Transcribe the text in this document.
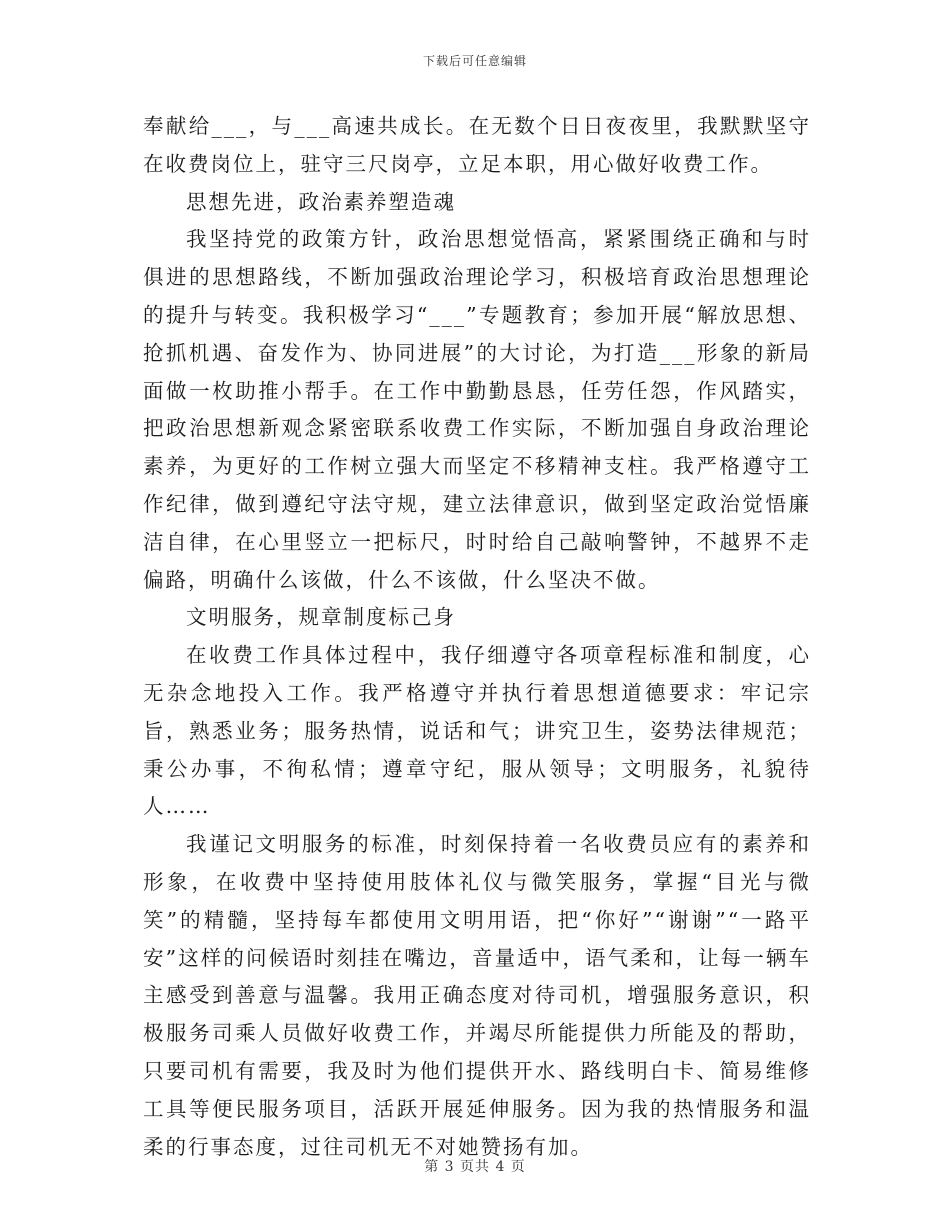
下载后可任意编辑

奉献给___，与___高速共成长。在无数个日日夜夜里，我默默坚守在收费岗位上，驻守三尺岗亭，立足本职，用心做好收费工作。

思想先进，政治素养塑造魂

我坚持党的政策方针，政治思想觉悟高，紧紧围绕正确和与时俱进的思想路线，不断加强政治理论学习，积极培育政治思想理论的提升与转变。我积极学习“___”专题教育；参加开展“解放思想、抢抓机遇、奋发作为、协同进展”的大讨论，为打造___形象的新局面做一枚助推小帮手。在工作中勤勤恳恳，任劳任怨，作风踏实，把政治思想新观念紧密联系收费工作实际，不断加强自身政治理论素养，为更好的工作树立强大而坚定不移精神支柱。我严格遵守工作纪律，做到遵纪守法守规，建立法律意识，做到坚定政治觉悟廉洁自律，在心里竖立一把标尺，时时给自己敲响警钟，不越界不走偏路，明确什么该做，什么不该做，什么坚决不做。

文明服务，规章制度标己身

在收费工作具体过程中，我仔细遵守各项章程标准和制度，心无杂念地投入工作。我严格遵守并执行着思想道德要求：牢记宗旨，熟悉业务；服务热情，说话和气；讲究卫生，姿势法律规范；秉公办事，不徇私情；遵章守纪，服从领导；文明服务，礼貌待人……

我谨记文明服务的标准，时刻保持着一名收费员应有的素养和形象，在收费中坚持使用肢体礼仪与微笑服务，掌握“目光与微笑”的精髓，坚持每车都使用文明用语，把“你好”“谢谢”“一路平安”这样的问候语时刻挂在嘴边，音量适中，语气柔和，让每一辆车主感受到善意与温馨。我用正确态度对待司机，增强服务意识，积极服务司乘人员做好收费工作，并竭尽所能提供力所能及的帮助，只要司机有需要，我及时为他们提供开水、路线明白卡、简易维修工具等便民服务项目，活跃开展延伸服务。因为我的热情服务和温柔的行事态度，过往司机无不对她赞扬有加。

第 3 页共 4 页
